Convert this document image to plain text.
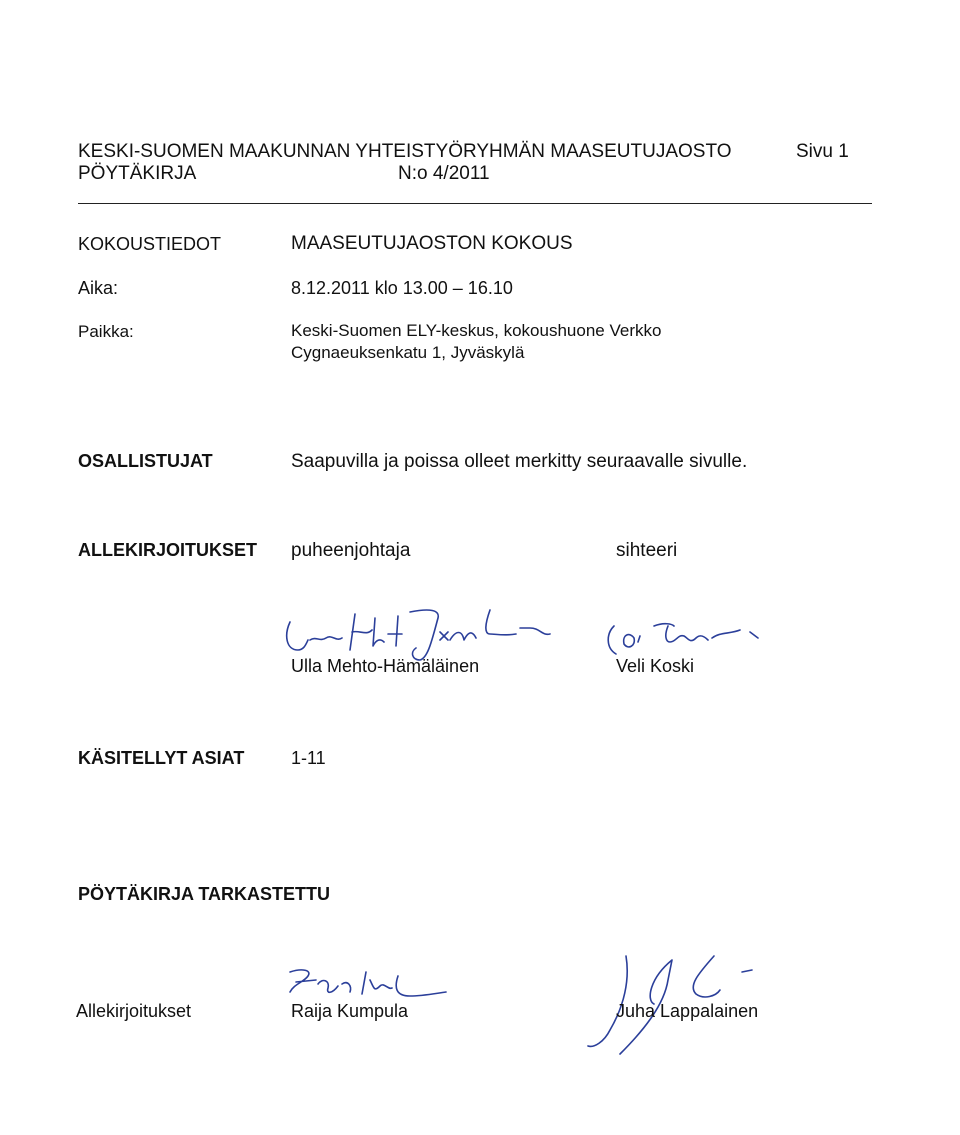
KESKI-SUOMEN MAAKUNNAN YHTEISTYÖRYHMÄN MAASEUTUJAOSTO	Sivu 1
PÖYTÄKIRJA	N:o 4/2011
KOKOUSTIEDOT	MAASEUTUJAOSTON KOKOUS
Aika:	8.12.2011 klo 13.00 – 16.10
Paikka:	Keski-Suomen ELY-keskus, kokoushuone Verkko
Cygnaeuksenkatu 1, Jyväskylä
OSALLISTUJAT	Saapuvilla ja poissa olleet merkitty seuraavalle sivulle.
ALLEKIRJOITUKSET puheenjohtaja	sihteeri
Ulla Mehto-Hämäläinen	Veli Koski
KÄSITELLYT ASIAT	1-11
PÖYTÄKIRJA TARKASTETTU
Allekirjoitukset	Raija Kumpula	Juha Lappalainen
